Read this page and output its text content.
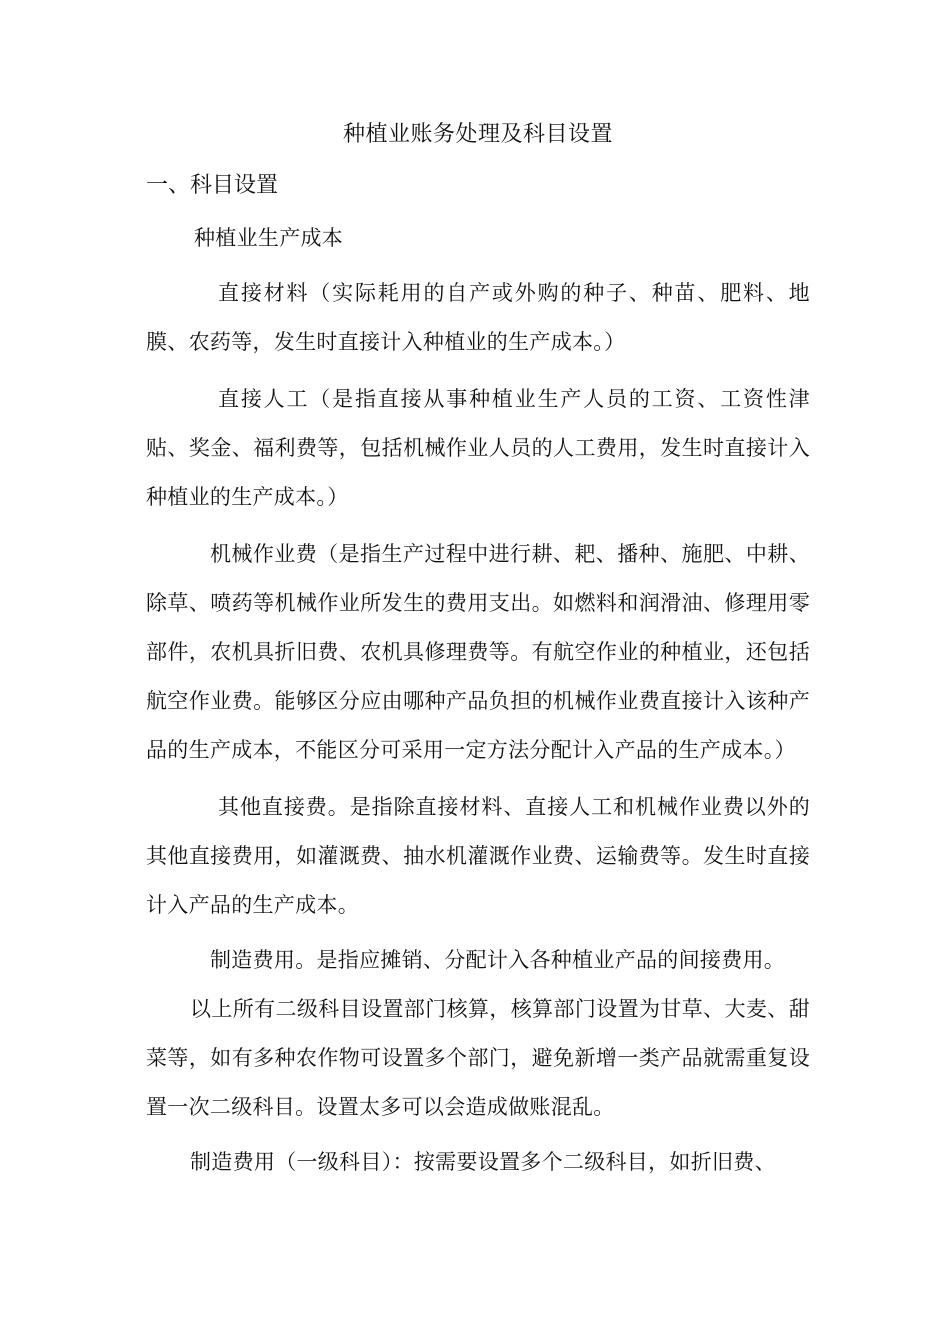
种植业账务处理及科目设置
一、科目设置

种植业生产成本

直接材料（实际耗用的自产或外购的种子、种苗、肥料、地膜、农药等，发生时直接计入种植业的生产成本。）

直接人工（是指直接从事种植业生产人员的工资、工资性津贴、奖金、福利费等，包括机械作业人员的人工费用，发生时直接计入种植业的生产成本。）

机械作业费（是指生产过程中进行耕、耙、播种、施肥、中耕、除草、喷药等机械作业所发生的费用支出。如燃料和润滑油、修理用零部件，农机具折旧费、农机具修理费等。有航空作业的种植业，还包括航空作业费。能够区分应由哪种产品负担的机械作业费直接计入该种产品的生产成本，不能区分可采用一定方法分配计入产品的生产成本。）

其他直接费。是指除直接材料、直接人工和机械作业费以外的其他直接费用，如灌溉费、抽水机灌溉作业费、运输费等。发生时直接计入产品的生产成本。

制造费用。是指应摊销、分配计入各种植业产品的间接费用。

以上所有二级科目设置部门核算，核算部门设置为甘草、大麦、甜菜等，如有多种农作物可设置多个部门，避免新增一类产品就需重复设置一次二级科目。设置太多可以会造成做账混乱。

制造费用（一级科目）：按需要设置多个二级科目，如折旧费、
